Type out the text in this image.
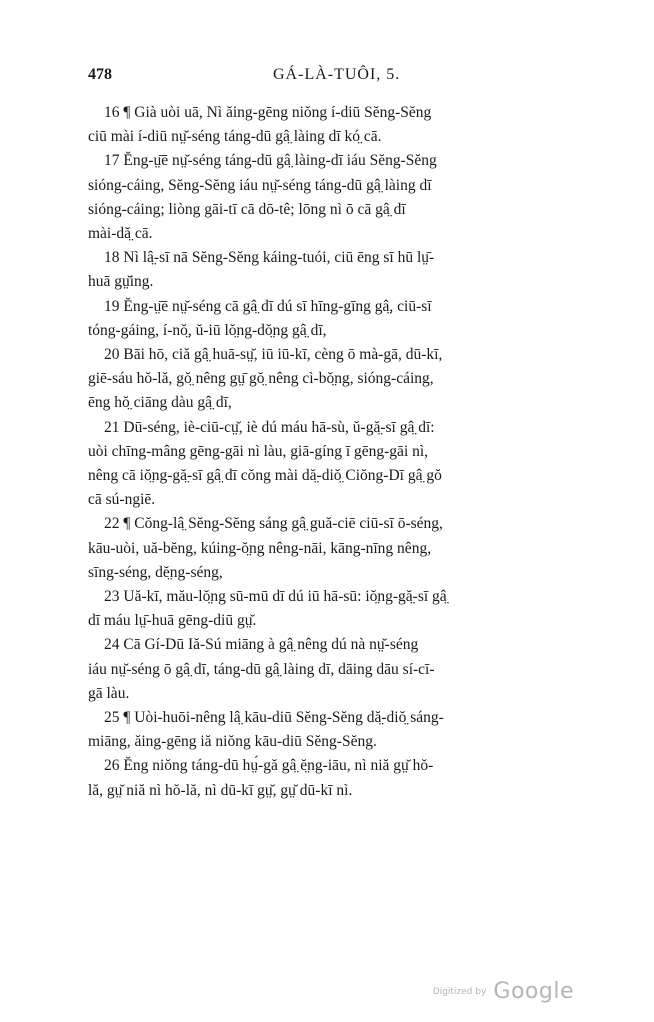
478	GÁ-LÀ-TUÔI, 5.
16 ¶ Già uòi uā, Nì ăing-gēng niŏng í-diū Sĕng-Sĕng
ciū mài í-diū nṳ̆-séng táng-dū gâ̤ làing dī kó̤ cā.
17 Ĕng-ṳ̄ē nṳ̆-séng táng-dū gâ̤ làing-dī iáu Sĕng-Sĕng
sióng-cáing, Sĕng-Sĕng iáu nṳ̆-séng táng-dū gâ̤ làing dī
sióng-cáing; liòng gāi-tī cā dō-tê; lōng nì ō cā gâ̤ dī
mài-dă̤ cā.
18 Nì lâ̤-sī nā Sĕng-Sĕng káing-tuói, ciū ēng sī hū lṳ̄-
huā gṳ̆ing.
19 Ĕng-ṳ̄ē nṳ̆-séng cā gâ̤ dī dú sī hīng-gīng gâ̤, ciū-sī
tóng-gáing, í-nŏ̤, ŭ-iū lŏ̤ng-dŏ̤ng gâ̤ dī,
20 Bāi hō, ciă gâ̤ huā-sṳ̆, iū iū-kī, cèng ō mà-gā, dū-kī,
giē-sáu hŏ-lă, gŏ̤ nêng gṳ̄ gŏ̤ nêng cì-bŏ̤ng, sióng-cáing,
ēng hŏ̤ ciāng dàu gâ̤ dī,
21 Dū-séng, iè-ciū-cṳ̆, iè dú máu hā-sù, ŭ-gă̤-sī gâ̤ dī:
uòi chīng-mâng gēng-gāi nì làu, giā-gíng ī gēng-gāi nì,
nêng cā iŏ̤ng-gă̤-sī gâ̤ dī cŏng mài dă̤-diŏ̤ Ciŏng-Dī gâ̤ gŏ
cā sú-ngiē.
22 ¶ Cŏng-lâ̤ Sĕng-Sĕng sáng gâ̤ guă-ciē ciū-sī ō-séng,
kāu-uòi, uă-bĕng, kúing-ŏ̤ng nêng-nāi, kāng-nīng nêng,
sīng-séng, dĕ̤ng-séng,
23 Uă-kī, mău-lŏ̤ng sū-mū dī dú iū hā-sū: iŏ̤ng-gă̤-sī gâ̤
dī máu lṳ̄-huā gēng-diū gṳ̆.
24 Cā Gí-Dū Iă-Sú miāng à gâ̤ nêng dú nà nṳ̆-séng
iáu nṳ̆-séng ō gâ̤ dī, táng-dū gâ̤ làing dī, dāing dāu sí-cī-
gā làu.
25 ¶ Uòi-huōi-nêng lâ̤ kāu-diū Sĕng-Sĕng dă̤-diŏ̤ sáng-
miāng, ăing-gēng iă niŏng kāu-diū Sĕng-Sĕng.
26 Ĕng niŏng táng-dū hṳ́-gă gâ̤ ĕ̤ng-iāu, nì niă gṳ̆ hŏ-
lă, gṳ̆ niă nì hŏ-lă, nì dū-kī gṳ̆, gṳ̆ dū-kī nì.
Digitized by Google
